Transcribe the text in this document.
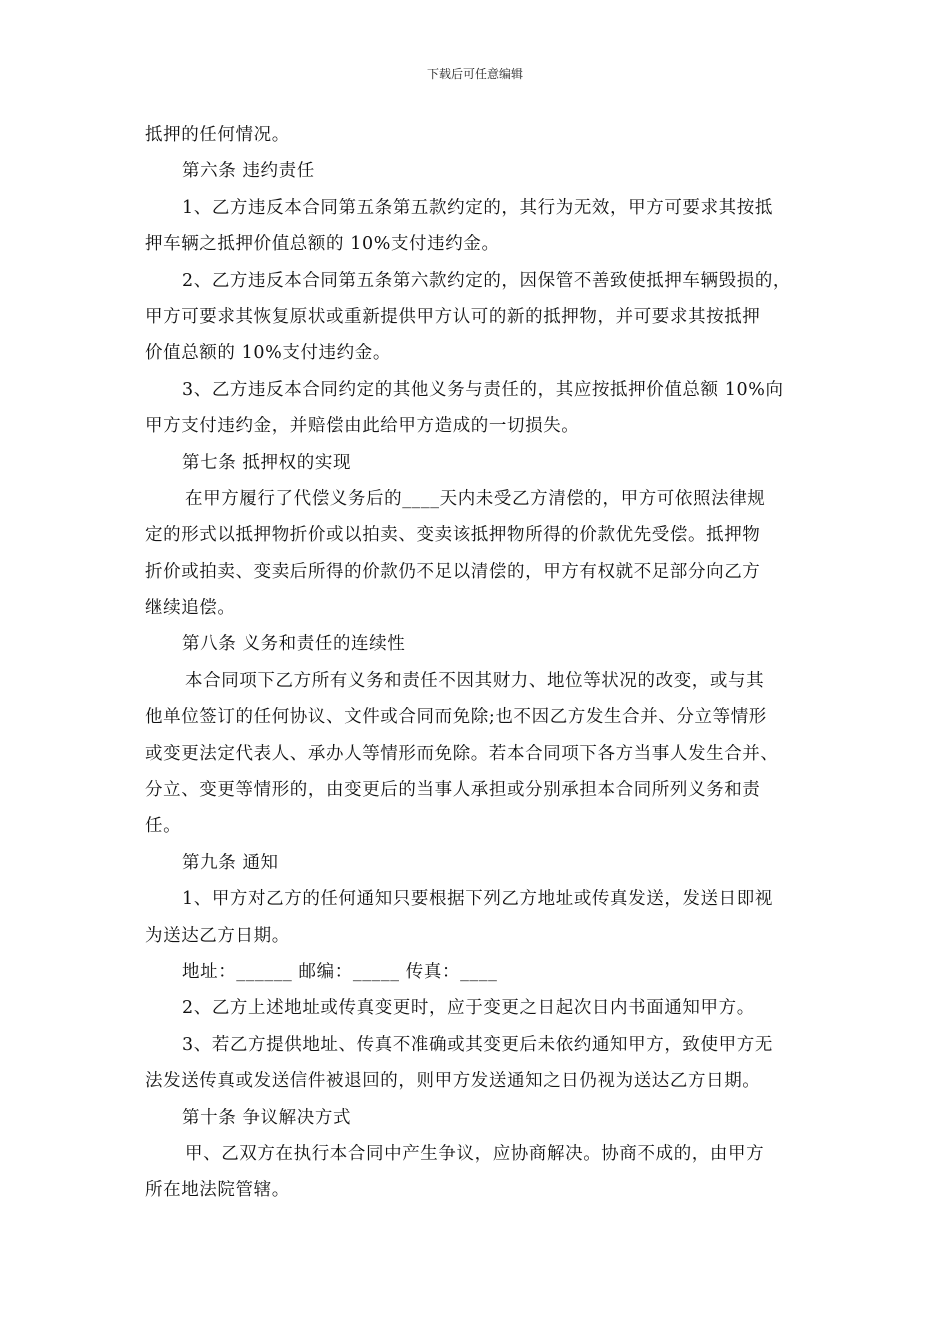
下载后可任意编辑
抵押的任何情况。
第六条 违约责任
1、乙方违反本合同第五条第五款约定的，其行为无效，甲方可要求其按抵
押车辆之抵押价值总额的 10%支付违约金。
2、乙方违反本合同第五条第六款约定的，因保管不善致使抵押车辆毁损的，
甲方可要求其恢复原状或重新提供甲方认可的新的抵押物，并可要求其按抵押
价值总额的 10%支付违约金。
3、乙方违反本合同约定的其他义务与责任的，其应按抵押价值总额 10%向
甲方支付违约金，并赔偿由此给甲方造成的一切损失。
第七条 抵押权的实现
在甲方履行了代偿义务后的____天内未受乙方清偿的，甲方可依照法律规
定的形式以抵押物折价或以拍卖、变卖该抵押物所得的价款优先受偿。抵押物
折价或拍卖、变卖后所得的价款仍不足以清偿的，甲方有权就不足部分向乙方
继续追偿。
第八条 义务和责任的连续性
本合同项下乙方所有义务和责任不因其财力、地位等状况的改变，或与其
他单位签订的任何协议、文件或合同而免除;也不因乙方发生合并、分立等情形
或变更法定代表人、承办人等情形而免除。若本合同项下各方当事人发生合并、
分立、变更等情形的，由变更后的当事人承担或分别承担本合同所列义务和责
任。
第九条 通知
1、甲方对乙方的任何通知只要根据下列乙方地址或传真发送，发送日即视
为送达乙方日期。
地址：______ 邮编：_____ 传真：____
2、乙方上述地址或传真变更时，应于变更之日起次日内书面通知甲方。
3、若乙方提供地址、传真不准确或其变更后未依约通知甲方，致使甲方无
法发送传真或发送信件被退回的，则甲方发送通知之日仍视为送达乙方日期。
第十条 争议解决方式
甲、乙双方在执行本合同中产生争议，应协商解决。协商不成的，由甲方
所在地法院管辖。
